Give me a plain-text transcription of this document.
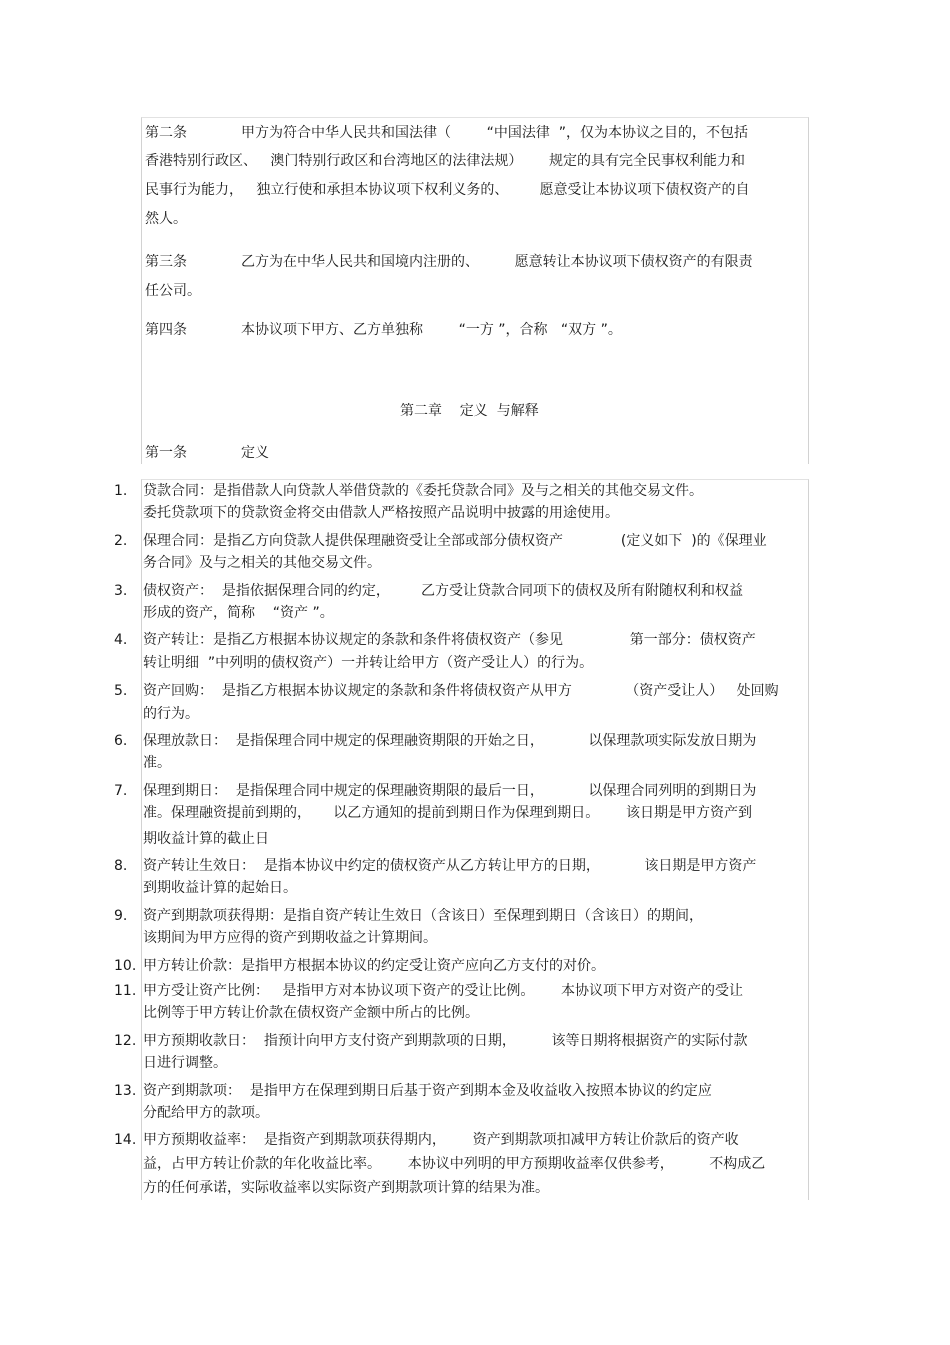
第二条	甲方为符合中华人民共和国法律（        “中国法律  ”，仅为本协议之目的，不包括
香港特别行政区、   澳门特别行政区和台湾地区的法律法规）      规定的具有完全民事权利能力和
民事行为能力，   独立行使和承担本协议项下权利义务的、       愿意受让本协议项下债权资产的自
然人。
第三条	乙方为在中华人民共和国境内注册的、        愿意转让本协议项下债权资产的有限责
任公司。
第四条	本协议项下甲方、乙方单独称        “一方 ”，合称   “双方 ”。
第二章    定义  与解释
第一条	定义
1. 贷款合同：是指借款人向贷款人举借贷款的《委托贷款合同》及与之相关的其他交易文件。
委托贷款项下的贷款资金将交由借款人严格按照产品说明中披露的用途使用。
2. 保理合同：是指乙方向贷款人提供保理融资受让全部或部分债权资产             (定义如下  )的《保理业
务合同》及与之相关的其他交易文件。
3. 债权资产：  是指依据保理合同的约定，       乙方受让贷款合同项下的债权及所有附随权利和权益
形成的资产，简称    “资产 ”。
4. 资产转让：是指乙方根据本协议规定的条款和条件将债权资产（参见               第一部分：债权资产
转让明细  ”中列明的债权资产）一并转让给甲方（资产受让人）的行为。
5. 资产回购：  是指乙方根据本协议规定的条款和条件将债权资产从甲方            （资产受让人）   处回购
的行为。
6. 保理放款日：  是指保理合同中规定的保理融资期限的开始之日，          以保理款项实际发放日期为
准。
7. 保理到期日：  是指保理合同中规定的保理融资期限的最后一日，          以保理合同列明的到期日为
准。保理融资提前到期的，     以乙方通知的提前到期日作为保理到期日。      该日期是甲方资产到
期收益计算的截止日
8. 资产转让生效日：  是指本协议中约定的债权资产从乙方转让甲方的日期，          该日期是甲方资产
到期收益计算的起始日。
9. 资产到期款项获得期：是指自资产转让生效日（含该日）至保理到期日（含该日）的期间，
该期间为甲方应得的资产到期收益之计算期间。
10. 甲方转让价款：是指甲方根据本协议的约定受让资产应向乙方支付的对价。
11. 甲方受让资产比例：   是指甲方对本协议项下资产的受让比例。      本协议项下甲方对资产的受让
比例等于甲方转让价款在债权资产金额中所占的比例。
12. 甲方预期收款日：  指预计向甲方支付资产到期款项的日期，        该等日期将根据资产的实际付款
日进行调整。
13. 资产到期款项：  是指甲方在保理到期日后基于资产到期本金及收益收入按照本协议的约定应
分配给甲方的款项。
14. 甲方预期收益率：  是指资产到期款项获得期内，      资产到期款项扣减甲方转让价款后的资产收
益，占甲方转让价款的年化收益比率。      本协议中列明的甲方预期收益率仅供参考，        不构成乙
方的任何承诺，实际收益率以实际资产到期款项计算的结果为准。
